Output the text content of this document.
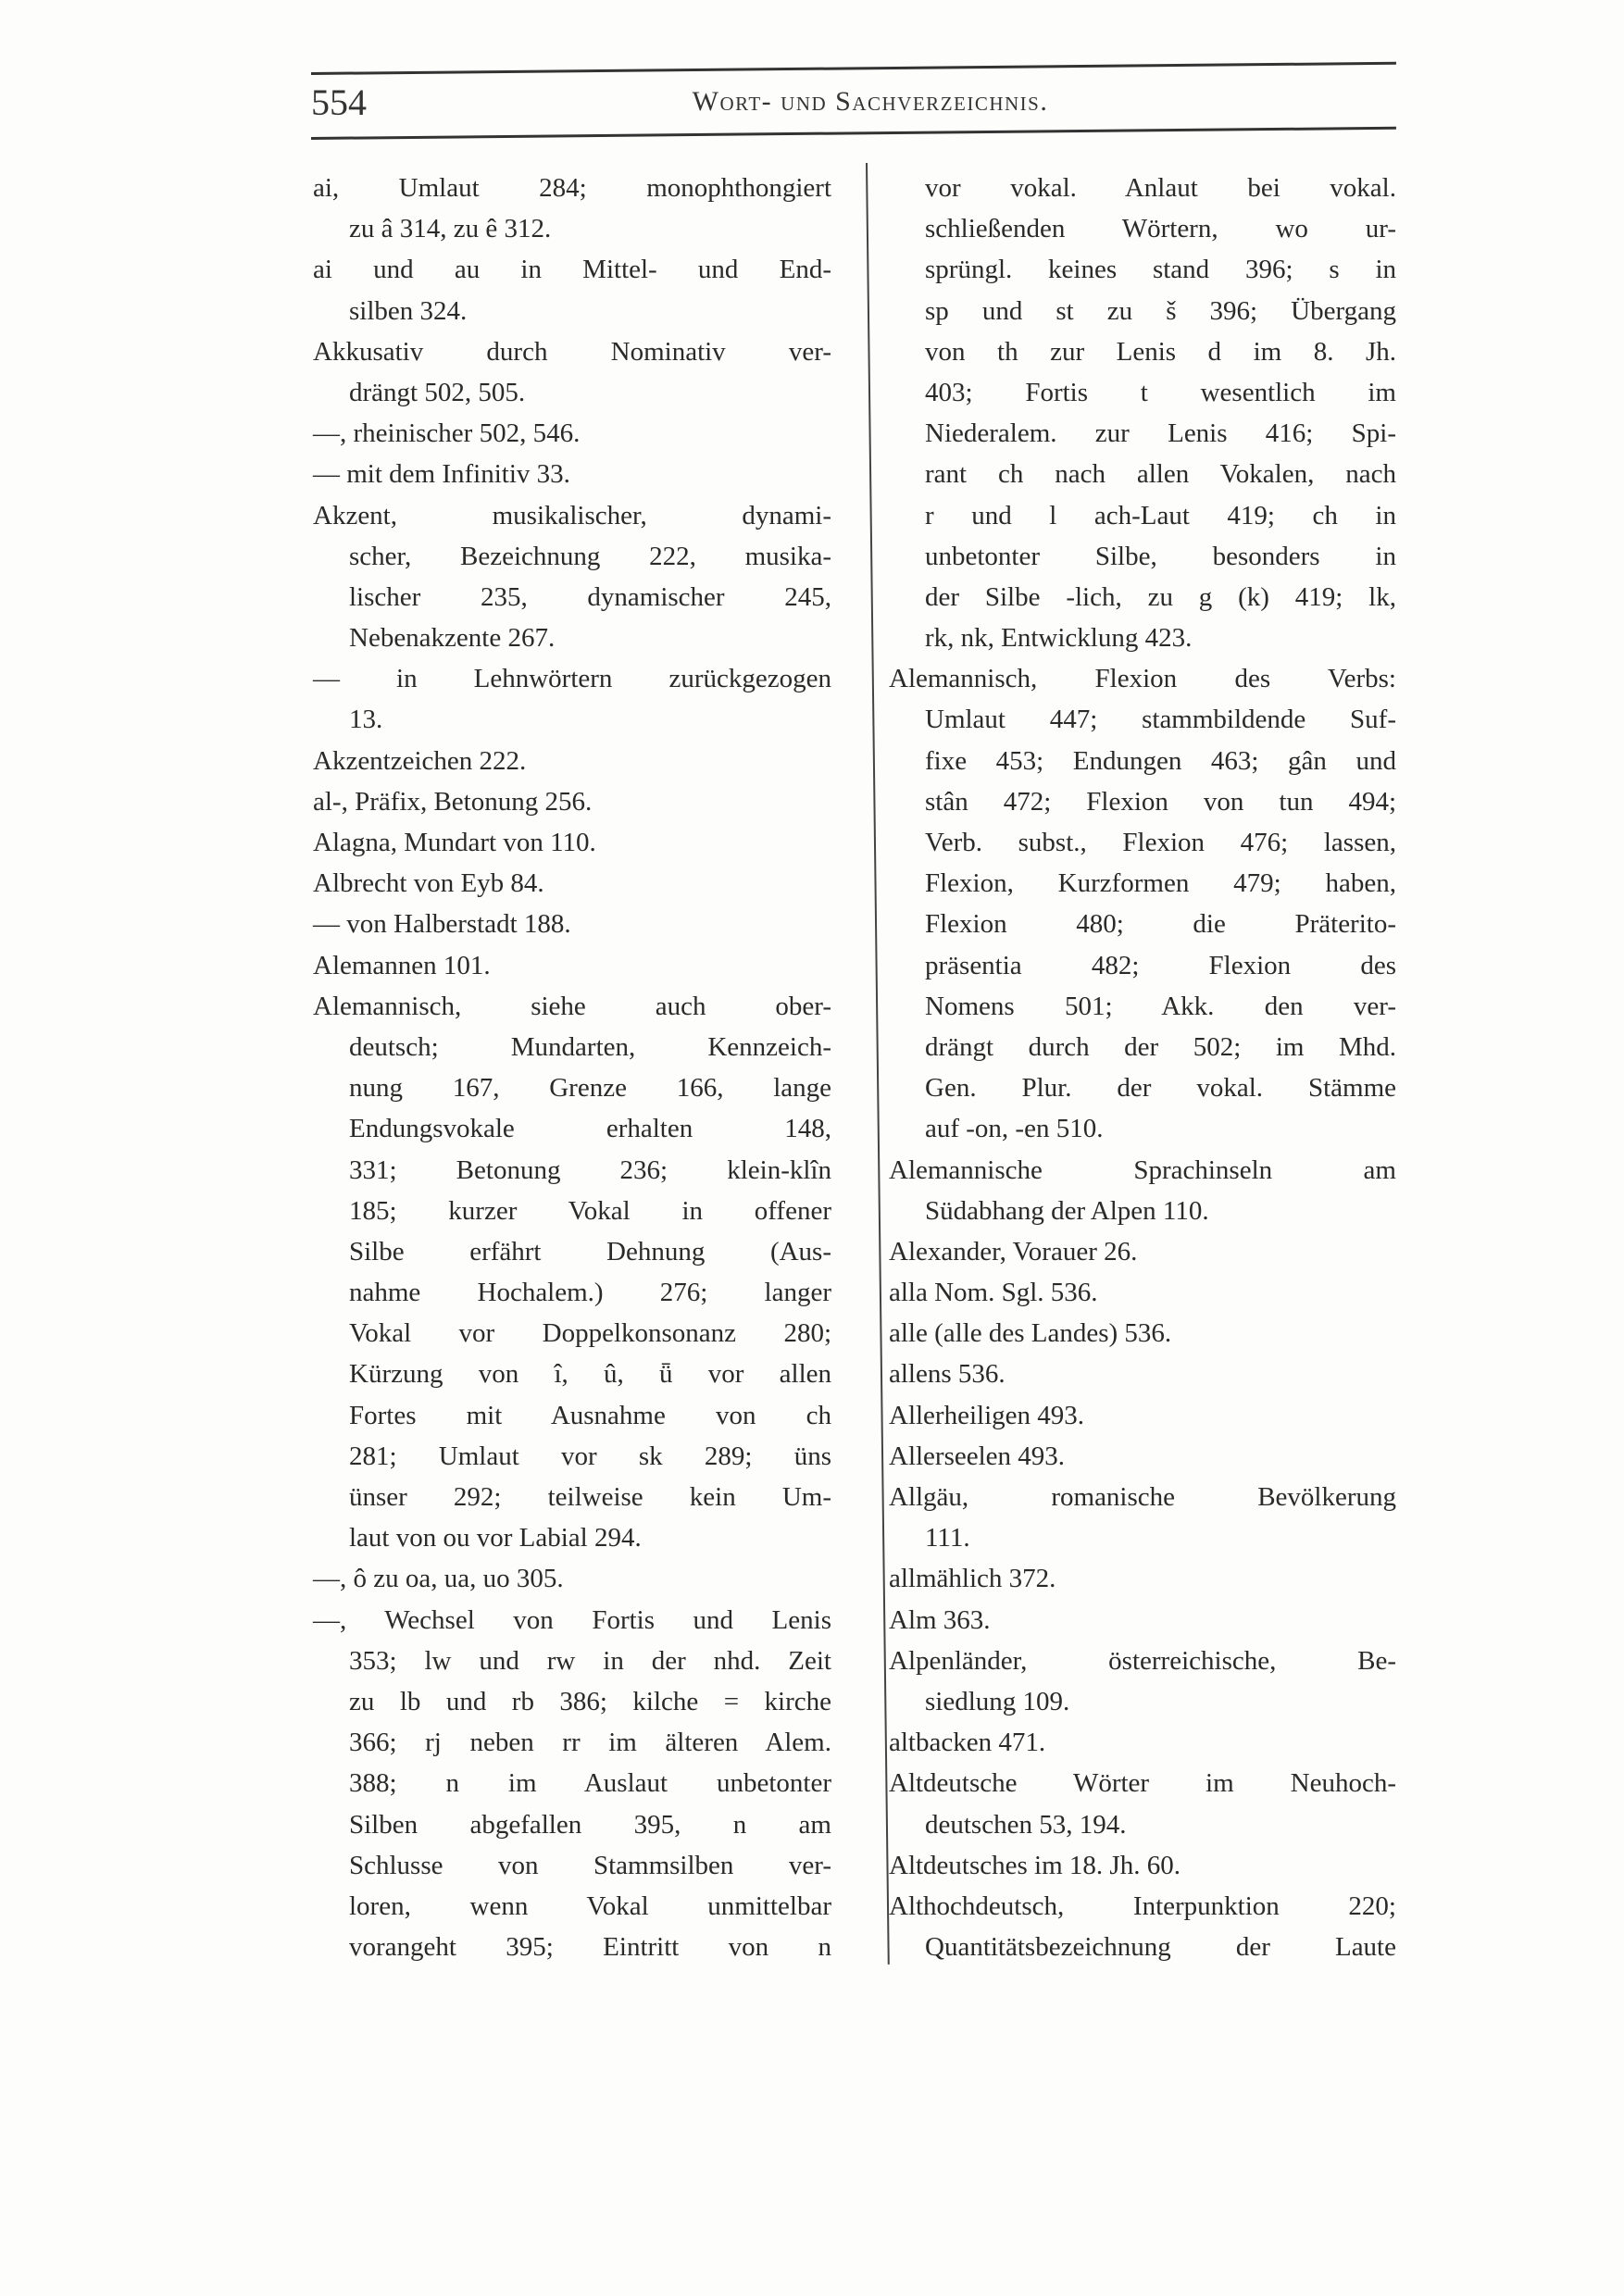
554	Wort- und Sachverzeichnis.
ai, Umlaut 284; monophthongiert
zu â 314, zu ê 312.
ai und au in Mittel- und End-
silben 324.
Akkusativ durch Nominativ ver-
drängt 502, 505.
—, rheinischer 502, 546.
— mit dem Infinitiv 33.
Akzent, musikalischer, dynami-
scher, Bezeichnung 222, musika-
lischer 235, dynamischer 245,
Nebenakzente 267.
— in Lehnwörtern zurückgezogen
13.
Akzentzeichen 222.
al-, Präfix, Betonung 256.
Alagna, Mundart von 110.
Albrecht von Eyb 84.
— von Halberstadt 188.
Alemannen 101.
Alemannisch, siehe auch ober-
deutsch; Mundarten, Kennzeich-
nung 167, Grenze 166, lange
Endungsvokale erhalten 148,
331; Betonung 236; klein-klîn
185; kurzer Vokal in offener
Silbe erfährt Dehnung (Aus-
nahme Hochalem.) 276; langer
Vokal vor Doppelkonsonanz 280;
Kürzung von î, û, ǖ vor allen
Fortes mit Ausnahme von ch
281; Umlaut vor sk 289; üns
ünser 292; teilweise kein Um-
laut von ou vor Labial 294.
—, ô zu oa, ua, uo 305.
—, Wechsel von Fortis und Lenis
353; lw und rw in der nhd. Zeit
zu lb und rb 386; kilche = kirche
366; rj neben rr im älteren Alem.
388; n im Auslaut unbetonter
Silben abgefallen 395, n am
Schlusse von Stammsilben ver-
loren, wenn Vokal unmittelbar
vorangeht 395; Eintritt von n
vor vokal. Anlaut bei vokal.
schließenden Wörtern, wo ur-
sprüngl. keines stand 396; s in
sp und st zu š 396; Übergang
von th zur Lenis d im 8. Jh.
403; Fortis t wesentlich im
Niederalem. zur Lenis 416; Spi-
rant ch nach allen Vokalen, nach
r und l ach-Laut 419; ch in
unbetonter Silbe, besonders in
der Silbe -lich, zu g (k) 419; lk,
rk, nk, Entwicklung 423.
Alemannisch, Flexion des Verbs:
Umlaut 447; stammbildende Suf-
fixe 453; Endungen 463; gân und
stân 472; Flexion von tun 494;
Verb. subst., Flexion 476; lassen,
Flexion, Kurzformen 479; haben,
Flexion 480; die Präterito-
präsentia 482; Flexion des
Nomens 501; Akk. den ver-
drängt durch der 502; im Mhd.
Gen. Plur. der vokal. Stämme
auf -on, -en 510.
Alemannische Sprachinseln am
Südabhang der Alpen 110.
Alexander, Vorauer 26.
alla Nom. Sgl. 536.
alle (alle des Landes) 536.
allens 536.
Allerheiligen 493.
Allerseelen 493.
Allgäu, romanische Bevölkerung
111.
allmählich 372.
Alm 363.
Alpenländer, österreichische, Be-
siedlung 109.
altbacken 471.
Altdeutsche Wörter im Neuhoch-
deutschen 53, 194.
Altdeutsches im 18. Jh. 60.
Althochdeutsch, Interpunktion 220;
Quantitätsbezeichnung der Laute
